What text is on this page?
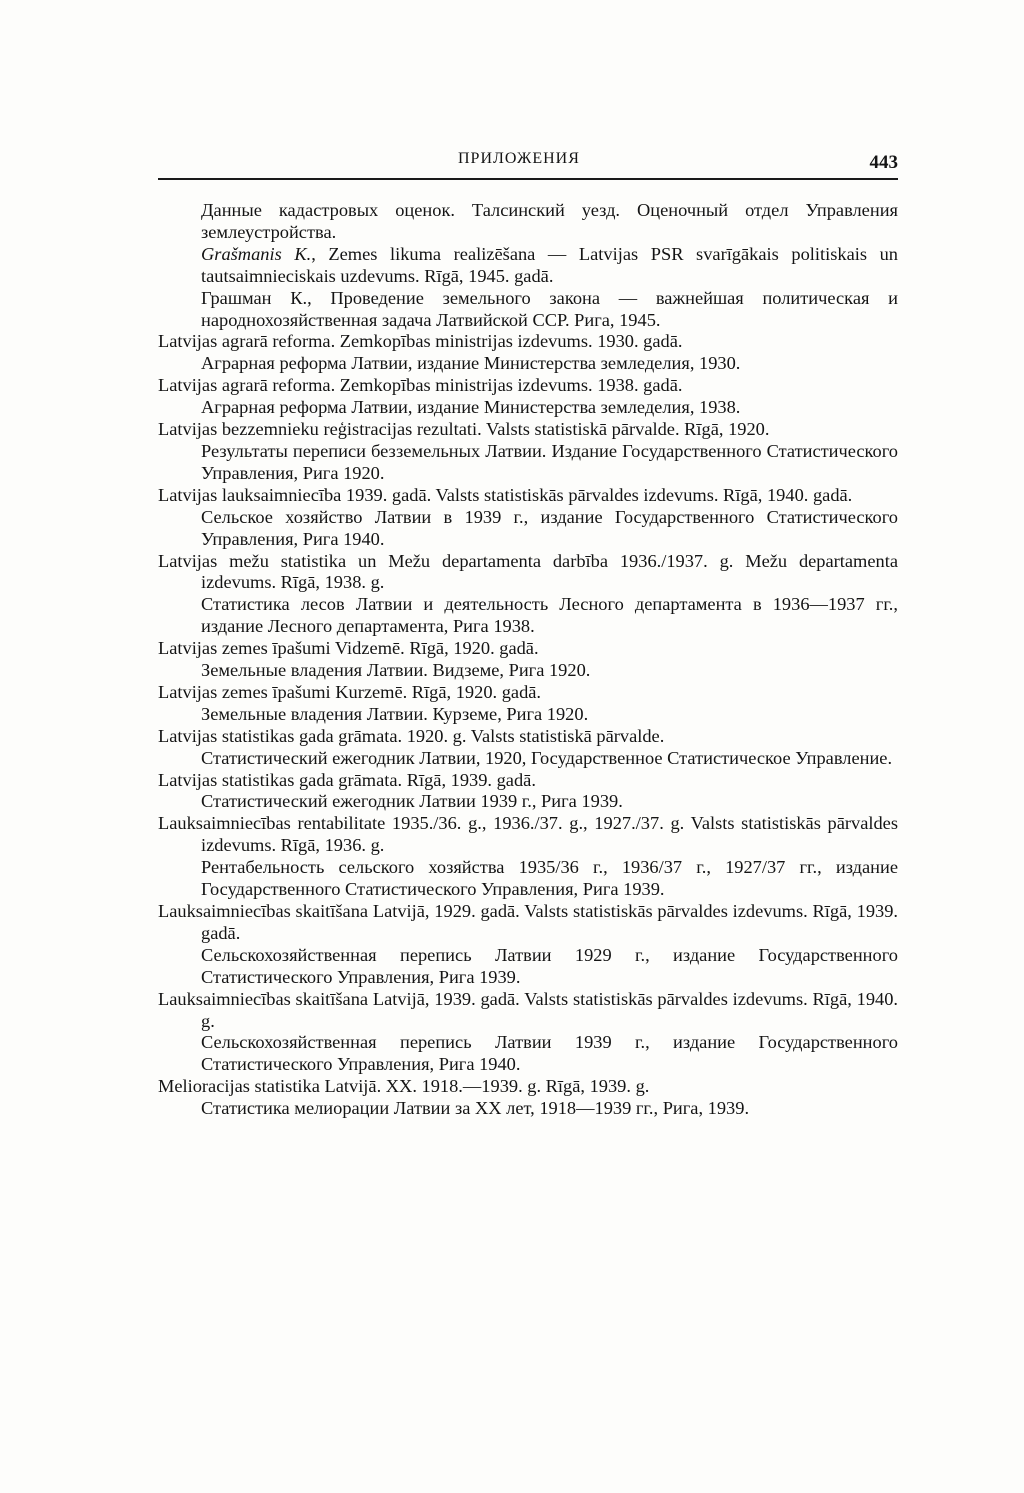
ПРИЛОЖЕНИЯ	443

Данные кадастровых оценок. Талсинский уезд. Оценочный отдел Управления землеустройства.

Grašmanis K., Zemes likuma realizēšana — Latvijas PSR svarīgākais politiskais un tautsaimnieciskais uzdevums. Rīgā, 1945. gadā.

Грашман К., Проведение земельного закона — важнейшая политическая и народнохозяйственная задача Латвийской ССР. Рига, 1945.

Latvijas agrarā reforma. Zemkopības ministrijas izdevums. 1930. gadā.
Аграрная реформа Латвии, издание Министерства земледелия, 1930.
Latvijas agrarā reforma. Zemkopības ministrijas izdevums. 1938. gadā.
Аграрная реформа Латвии, издание Министерства земледелия, 1938.
Latvijas bezzemnieku reģistracijas rezultati. Valsts statistiskā pārvalde. Rīgā, 1920.
Результаты переписи безземельных Латвии. Издание Государственного Статистического Управления, Рига 1920.
Latvijas lauksaimniecība 1939. gadā. Valsts statistiskās pārvaldes izdevums. Rīgā, 1940. gadā.
Сельское хозяйство Латвии в 1939 г., издание Государственного Статистического Управления, Рига 1940.
Latvijas mežu statistika un Mežu departamenta darbība 1936./1937. g. Mežu departamenta izdevums. Rīgā, 1938. g.
Статистика лесов Латвии и деятельность Лесного департамента в 1936—1937 гг., издание Лесного департамента, Рига 1938.
Latvijas zemes īpašumi Vidzemē. Rīgā, 1920. gadā.
Земельные владения Латвии. Видземе, Рига 1920.
Latvijas zemes īpašumi Kurzemē. Rīgā, 1920. gadā.
Земельные владения Латвии. Курземе, Рига 1920.
Latvijas statistikas gada grāmata. 1920. g. Valsts statistiskā pārvalde.
Статистический ежегодник Латвии, 1920, Государственное Статистическое Управление.
Latvijas statistikas gada grāmata. Rīgā, 1939. gadā.
Статистический ежегодник Латвии 1939 г., Рига 1939.
Lauksaimniecības rentabilitate 1935./36. g., 1936./37. g., 1927./37. g. Valsts statistiskās pārvaldes izdevums. Rīgā, 1936. g.
Рентабельность сельского хозяйства 1935/36 г., 1936/37 г., 1927/37 гг., издание Государственного Статистического Управления, Рига 1939.
Lauksaimniecības skaitīšana Latvijā, 1929. gadā. Valsts statistiskās pārvaldes izdevums. Rīgā, 1939. gadā.
Сельскохозяйственная перепись Латвии 1929 г., издание Государственного Статистического Управления, Рига 1939.
Lauksaimniecības skaitīšana Latvijā, 1939. gadā. Valsts statistiskās pārvaldes izdevums. Rīgā, 1940. g.
Сельскохозяйственная перепись Латвии 1939 г., издание Государственного Статистического Управления, Рига 1940.
Melioracijas statistika Latvijā. XX. 1918.—1939. g. Rīgā, 1939. g.
Статистика мелиорации Латвии за XX лет, 1918—1939 гг., Рига, 1939.
